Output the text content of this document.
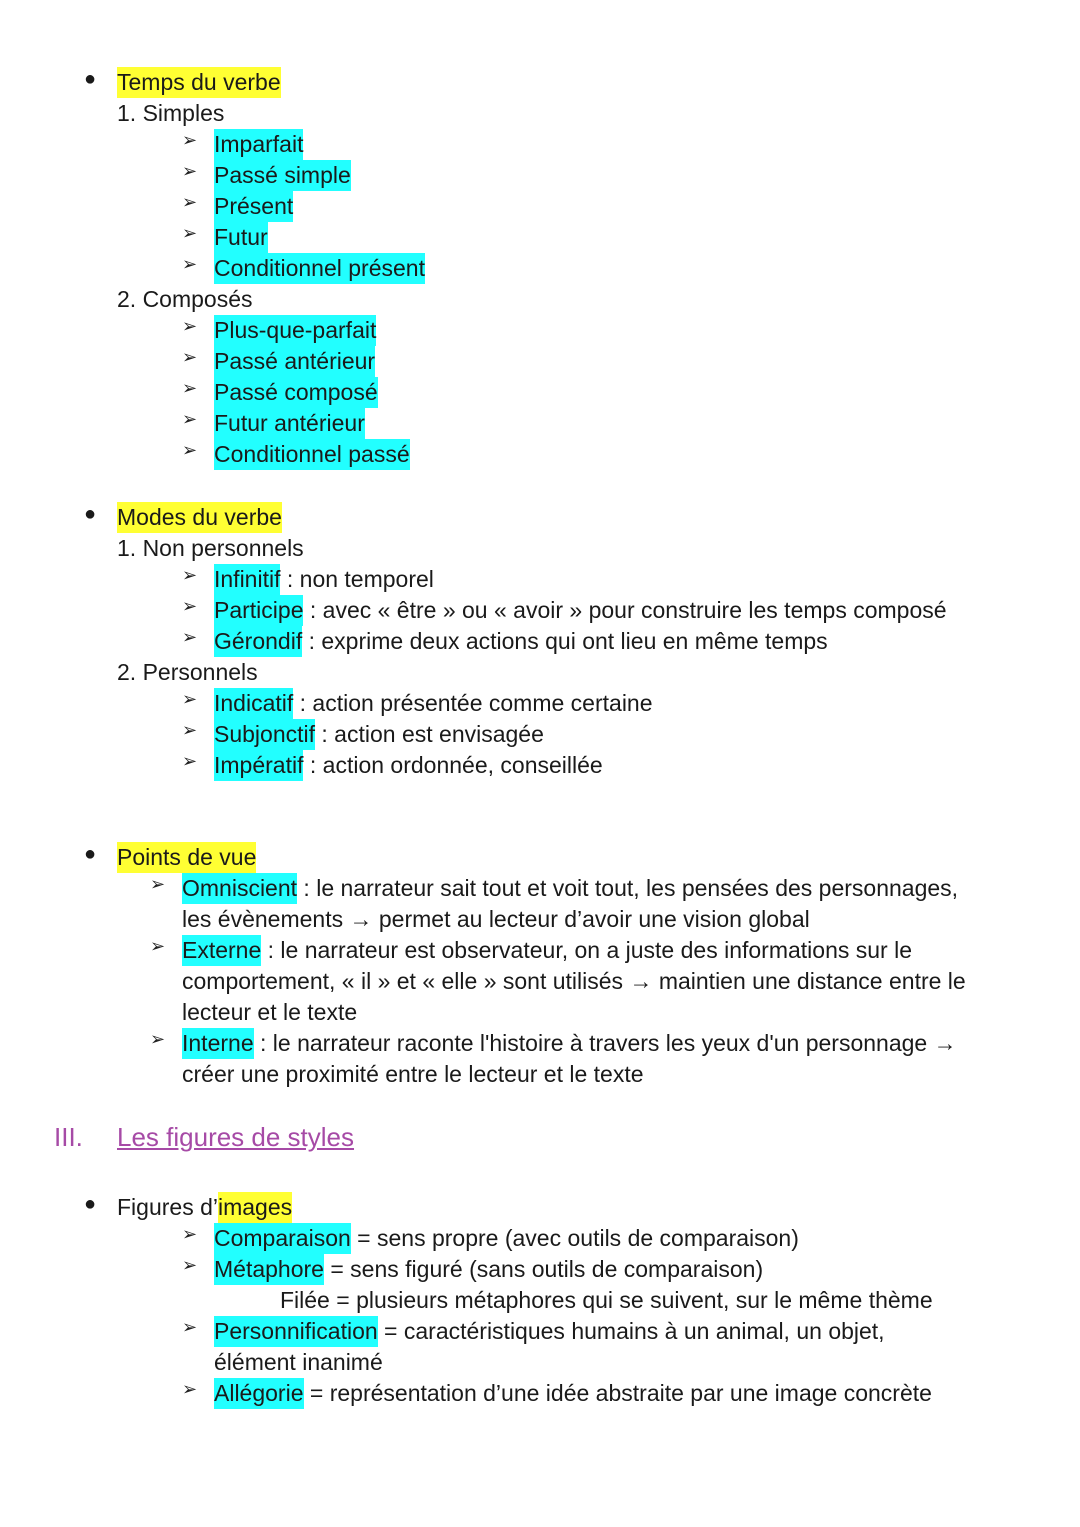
● Temps du verbe
1. Simples
➢ Imparfait
➢ Passé simple
➢ Présent
➢ Futur
➢ Conditionnel présent
2. Composés
➢ Plus-que-parfait
➢ Passé antérieur
➢ Passé composé
➢ Futur antérieur
➢ Conditionnel passé
● Modes du verbe
1. Non personnels
➢ Infinitif : non temporel
➢ Participe : avec « être » ou « avoir » pour construire les temps composé
➢ Gérondif : exprime deux actions qui ont lieu en même temps
2. Personnels
➢ Indicatif : action présentée comme certaine
➢ Subjonctif : action est envisagée
➢ Impératif : action ordonnée, conseillée
● Points de vue
➢ Omniscient : le narrateur sait tout et voit tout, les pensées des personnages,
les évènements → permet au lecteur d’avoir une vision global
➢ Externe : le narrateur est observateur, on a juste des informations sur le
comportement, « il » et « elle » sont utilisés → maintien une distance entre le
lecteur et le texte
➢ Interne : le narrateur raconte l'histoire à travers les yeux d'un personnage →
créer une proximité entre le lecteur et le texte
III. Les figures de styles
● Figures d’images
➢ Comparaison = sens propre (avec outils de comparaison)
➢ Métaphore = sens figuré (sans outils de comparaison)
Filée = plusieurs métaphores qui se suivent, sur le même thème
➢ Personnification = caractéristiques humains à un animal, un objet,
élément inanimé
➢ Allégorie = représentation d’une idée abstraite par une image concrète
